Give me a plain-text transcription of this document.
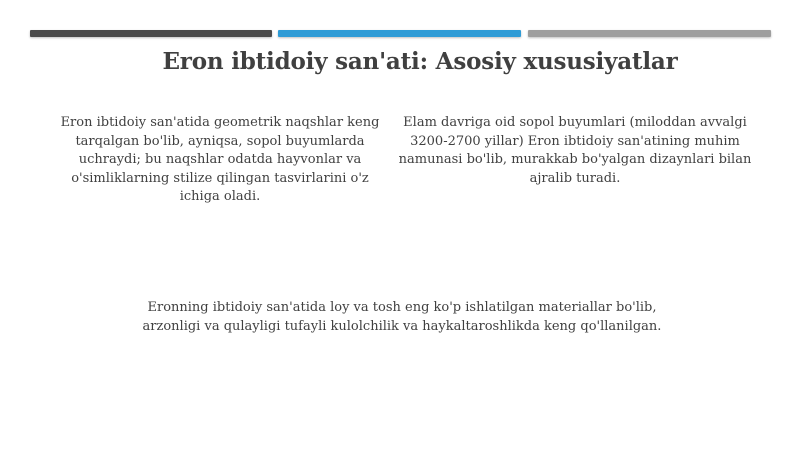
Eron ibtidoiy san'ati: Asosiy xususiyatlar
Eron ibtidoiy san'atida geometrik naqshlar keng tarqalgan bo'lib, ayniqsa, sopol buyumlarda uchraydi; bu naqshlar odatda hayvonlar va o'simliklarning stilize qilingan tasvirlarini o'z ichiga oladi.
Elam davriga oid sopol buyumlari (miloddan avvalgi 3200-2700 yillar) Eron ibtidoiy san'atining muhim namunasi bo'lib, murakkab bo'yalgan dizaynlari bilan ajralib turadi.
Eronning ibtidoiy san'atida loy va tosh eng ko'p ishlatilgan materiallar bo'lib, arzonligi va qulayligi tufayli kulolchilik va haykaltaroshlikda keng qo'llanilgan.
